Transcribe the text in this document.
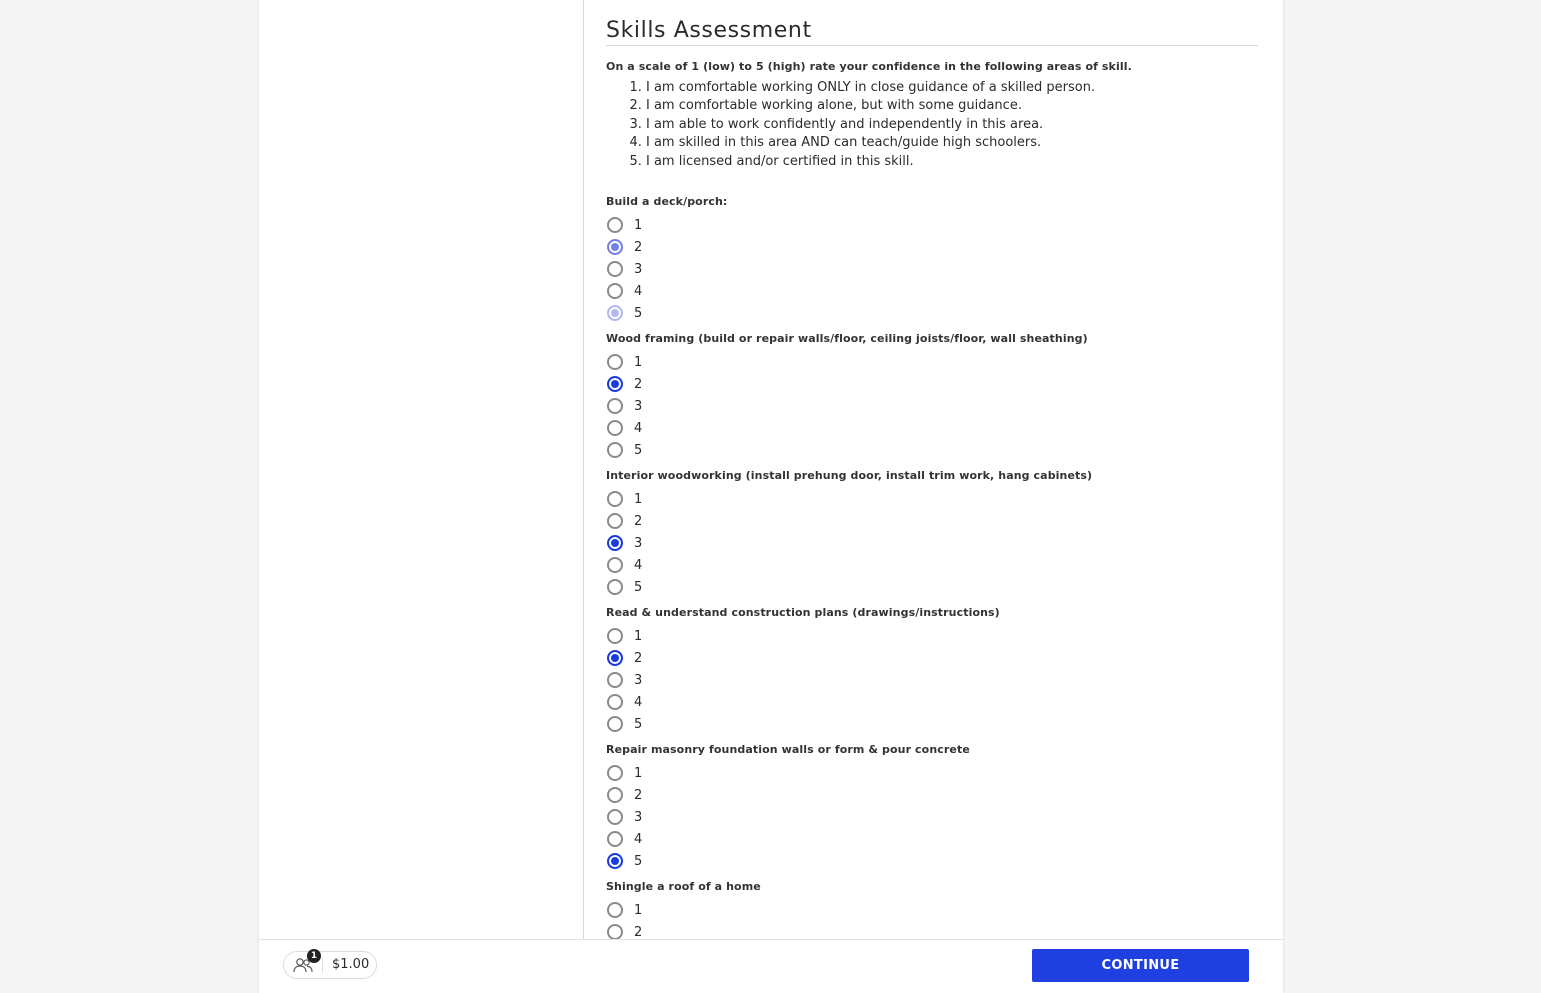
Skills Assessment
On a scale of 1 (low) to 5 (high) rate your confidence in the following areas of skill.
1. I am comfortable working ONLY in close guidance of a skilled person.
2. I am comfortable working alone, but with some guidance.
3. I am able to work confidently and independently in this area.
4. I am skilled in this area AND can teach/guide high schoolers.
5. I am licensed and/or certified in this skill.
Build a deck/porch:
1
2
3
4
5
Wood framing (build or repair walls/floor, ceiling joists/floor, wall sheathing)
1
2
3
4
5
Interior woodworking (install prehung door, install trim work, hang cabinets)
1
2
3
4
5
Read & understand construction plans (drawings/instructions)
1
2
3
4
5
Repair masonry foundation walls or form & pour concrete
1
2
3
4
5
Shingle a roof of a home
1
2
1
$1.00	CONTINUE
